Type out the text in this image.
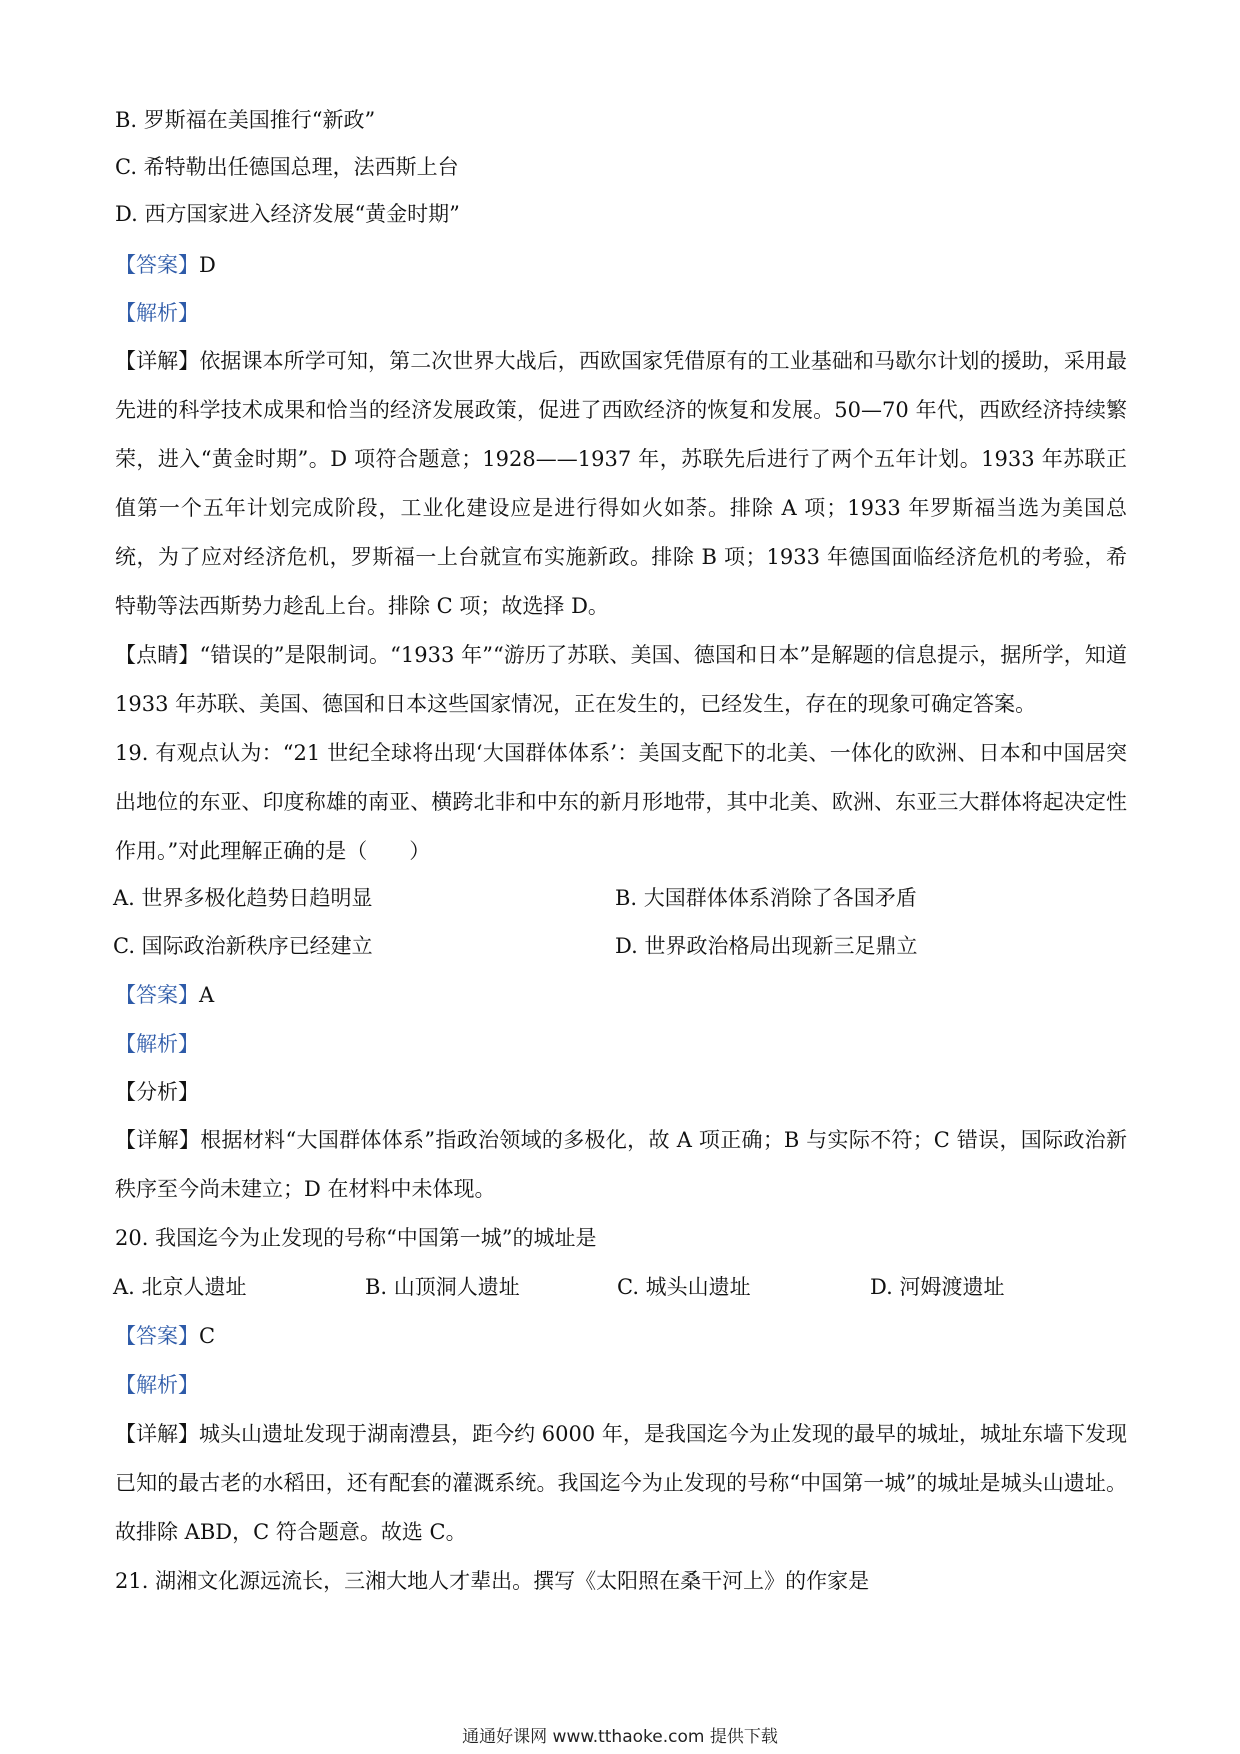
B. 罗斯福在美国推行“新政”
C. 希特勒出任德国总理，法西斯上台
D. 西方国家进入经济发展“黄金时期”
【答案】D
【解析】
【详解】依据课本所学可知，第二次世界大战后，西欧国家凭借原有的工业基础和马歇尔计划的援助，采用最先进的科学技术成果和恰当的经济发展政策，促进了西欧经济的恢复和发展。50—70 年代，西欧经济持续繁荣，进入“黄金时期”。D 项符合题意；1928——1937 年，苏联先后进行了两个五年计划。1933 年苏联正值第一个五年计划完成阶段，工业化建设应是进行得如火如荼。排除 A 项；1933 年罗斯福当选为美国总统，为了应对经济危机，罗斯福一上台就宣布实施新政。排除 B 项；1933 年德国面临经济危机的考验，希特勒等法西斯势力趁乱上台。排除 C 项；故选择 D。
【点睛】“错误的”是限制词。“1933 年”“游历了苏联、美国、德国和日本”是解题的信息提示，据所学，知道 1933 年苏联、美国、德国和日本这些国家情况，正在发生的，已经发生，存在的现象可确定答案。
19. 有观点认为：“21 世纪全球将出现‘大国群体体系’：美国支配下的北美、一体化的欧洲、日本和中国居突出地位的东亚、印度称雄的南亚、横跨北非和中东的新月形地带，其中北美、欧洲、东亚三大群体将起决定性作用。”对此理解正确的是（　　）
A. 世界多极化趋势日趋明显	B. 大国群体体系消除了各国矛盾
C. 国际政治新秩序已经建立	D. 世界政治格局出现新三足鼎立
【答案】A
【解析】
【分析】
【详解】根据材料“大国群体体系”指政治领域的多极化，故 A 项正确；B 与实际不符；C 错误，国际政治新秩序至今尚未建立；D 在材料中未体现。
20. 我国迄今为止发现的号称“中国第一城”的城址是
A. 北京人遗址	B. 山顶洞人遗址	C. 城头山遗址	D. 河姆渡遗址
【答案】C
【解析】
【详解】城头山遗址发现于湖南澧县，距今约 6000 年，是我国迄今为止发现的最早的城址，城址东墙下发现已知的最古老的水稻田，还有配套的灌溉系统。我国迄今为止发现的号称“中国第一城”的城址是城头山遗址。故排除 ABD，C 符合题意。故选 C。
21. 湖湘文化源远流长，三湘大地人才辈出。撰写《太阳照在桑干河上》的作家是
通通好课网 www.tthaoke.com 提供下载
